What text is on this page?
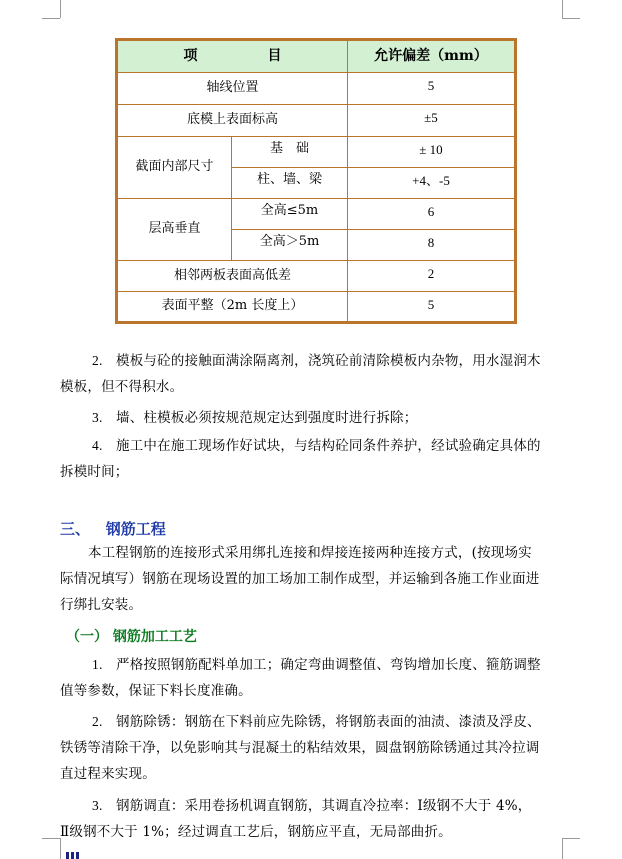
项　　　　　目		允许偏差（mm）
轴线位置		5
底模上表面标高		±5
截面内部尺寸	基　础	± 10
	柱、墙、梁	+4、-5
层高垂直	全高≤5m	6
	全高＞5m	8
相邻两板表面高低差		2
表面平整（2m 长度上）		5

2. 模板与砼的接触面满涂隔离剂，浇筑砼前清除模板内杂物，用水湿润木
模板，但不得积水。

3. 墙、柱模板必须按规范规定达到强度时进行拆除；

4. 施工中在施工现场作好试块，与结构砼同条件养护，经试验确定具体的
拆模时间；

三、 钢筋工程

本工程钢筋的连接形式采用绑扎连接和焊接连接两种连接方式，(按现场实
际情况填写）钢筋在现场设置的加工场加工制作成型，并运输到各施工作业面进
行绑扎安装。

（一） 钢筋加工工艺

1. 严格按照钢筋配料单加工；确定弯曲调整值、弯钩增加长度、箍筋调整
值等参数，保证下料长度准确。

2. 钢筋除锈：钢筋在下料前应先除锈，将钢筋表面的油渍、漆渍及浮皮、
铁锈等清除干净，以免影响其与混凝土的粘结效果，圆盘钢筋除锈通过其冷拉调
直过程来实现。

3. 钢筋调直：采用卷扬机调直钢筋，其调直冷拉率：Ⅰ级钢不大于 4%，
Ⅱ级钢不大于 1%；经过调直工艺后，钢筋应平直，无局部曲折。
